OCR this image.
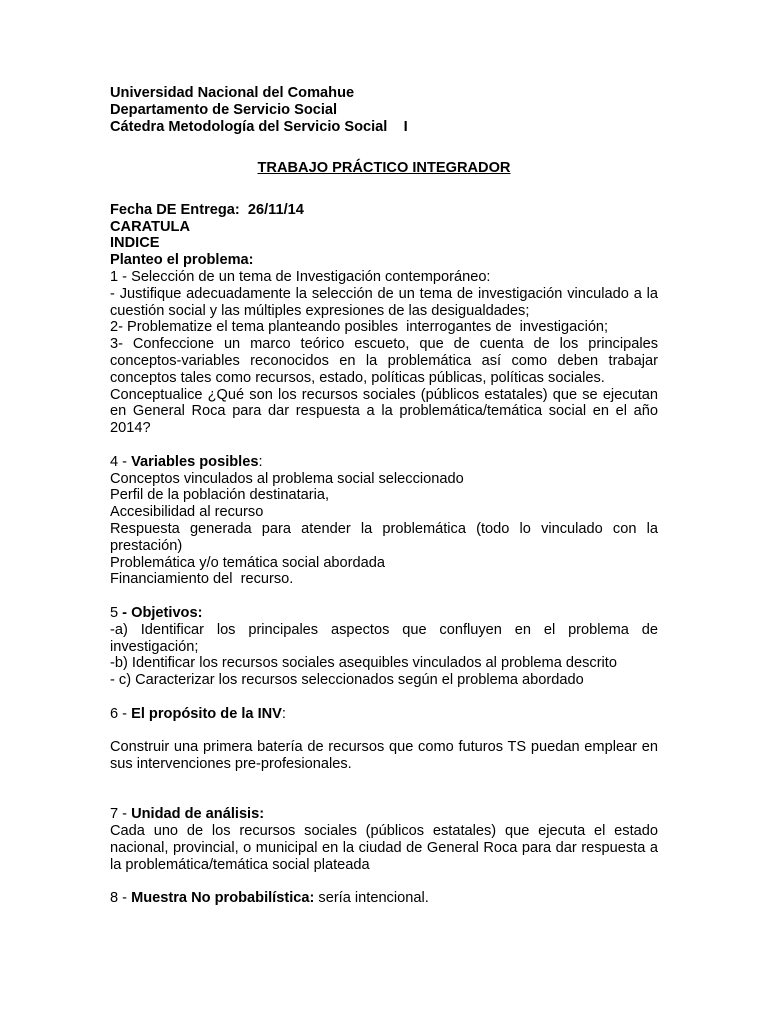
Universidad Nacional del Comahue
Departamento de Servicio Social
Cátedra Metodología del Servicio Social    I
TRABAJO PRÁCTICO INTEGRADOR
Fecha DE Entrega:  26/11/14
CARATULA
INDICE
Planteo el problema:
1 - Selección de un tema de Investigación contemporáneo:
- Justifique adecuadamente la selección de un tema de investigación vinculado a la cuestión social y las múltiples expresiones de las desigualdades;
2- Problematize el tema planteando posibles  interrogantes de  investigación;
3- Confeccione un marco teórico escueto, que de cuenta de los principales conceptos-variables reconocidos en la problemática así como deben trabajar conceptos tales como recursos, estado, políticas públicas, políticas sociales.
Conceptualice ¿Qué son los recursos sociales (públicos estatales) que se ejecutan en General Roca para dar respuesta a la problemática/temática social en el año 2014?
4 - Variables posibles:
Conceptos vinculados al problema social seleccionado
Perfil de la población destinataria,
Accesibilidad al recurso
Respuesta generada para atender la problemática (todo lo vinculado con la prestación)
Problemática y/o temática social abordada
Financiamiento del  recurso.
5 - Objetivos:
-a) Identificar los principales aspectos que confluyen en el problema de investigación;
-b) Identificar los recursos sociales asequibles vinculados al problema descrito
- c) Caracterizar los recursos seleccionados según el problema abordado
6 - El propósito de la INV:
Construir una primera batería de recursos que como futuros TS puedan emplear en sus intervenciones pre-profesionales.
7 - Unidad de análisis:
Cada uno de los recursos sociales (públicos estatales) que ejecuta el estado nacional, provincial, o municipal en la ciudad de General Roca para dar respuesta a la problemática/temática social plateada
8 - Muestra No probabilística: sería intencional.
